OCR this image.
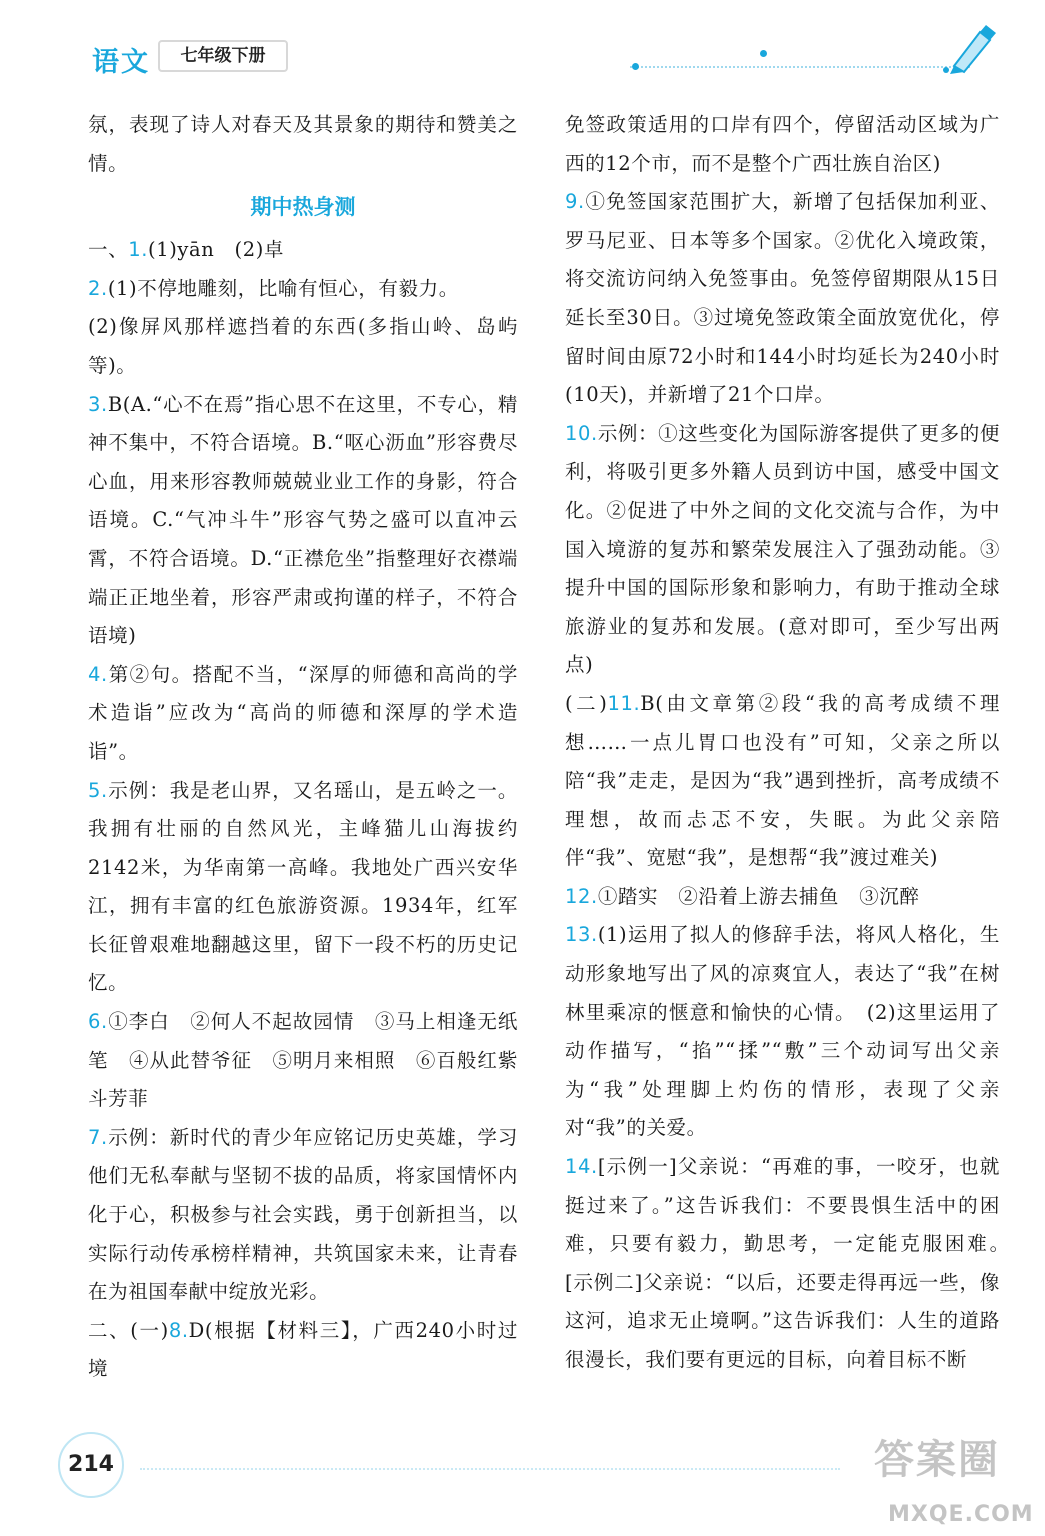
语文	七年级下册

氛，表现了诗人对春天及其景象的期待和赞美之情。

期中热身测

一、1.(1)yān　(2)卓

2.(1)不停地雕刻，比喻有恒心，有毅力。

(2)像屏风那样遮挡着的东西(多指山岭、岛屿等)。

3.B(A.“心不在焉”指心思不在这里，不专心，精神不集中，不符合语境。B.“呕心沥血”形容费尽心血，用来形容教师兢兢业业工作的身影，符合语境。C.“气冲斗牛”形容气势之盛可以直冲云霄，不符合语境。D.“正襟危坐”指整理好衣襟端端正正地坐着，形容严肃或拘谨的样子，不符合语境)

4.第②句。搭配不当，“深厚的师德和高尚的学术造诣”应改为“高尚的师德和深厚的学术造诣”。

5.示例：我是老山界，又名瑶山，是五岭之一。我拥有壮丽的自然风光，主峰猫儿山海拔约2142米，为华南第一高峰。我地处广西兴安华江，拥有丰富的红色旅游资源。1934年，红军长征曾艰难地翻越这里，留下一段不朽的历史记忆。

6.①李白　②何人不起故园情　③马上相逢无纸笔　④从此替爷征　⑤明月来相照　⑥百般红紫斗芳菲

7.示例：新时代的青少年应铭记历史英雄，学习他们无私奉献与坚韧不拔的品质，将家国情怀内化于心，积极参与社会实践，勇于创新担当，以实际行动传承榜样精神，共筑国家未来，让青春在为祖国奉献中绽放光彩。

二、(一)8.D(根据【材料三】，广西240小时过境

免签政策适用的口岸有四个，停留活动区域为广西的12个市，而不是整个广西壮族自治区)

9.①免签国家范围扩大，新增了包括保加利亚、罗马尼亚、日本等多个国家。②优化入境政策，将交流访问纳入免签事由。免签停留期限从15日延长至30日。③过境免签政策全面放宽优化，停留时间由原72小时和144小时均延长为240小时(10天)，并新增了21个口岸。

10.示例：①这些变化为国际游客提供了更多的便利，将吸引更多外籍人员到访中国，感受中国文化。②促进了中外之间的文化交流与合作，为中国入境游的复苏和繁荣发展注入了强劲动能。③提升中国的国际形象和影响力，有助于推动全球旅游业的复苏和发展。(意对即可，至少写出两点)

(二)11.B(由文章第②段“我的高考成绩不理想……一点儿胃口也没有”可知，父亲之所以陪“我”走走，是因为“我”遇到挫折，高考成绩不理想，故而忐忑不安，失眠。为此父亲陪伴“我”、宽慰“我”，是想帮“我”渡过难关)

12.①踏实　②沿着上游去捕鱼　③沉醉

13.(1)运用了拟人的修辞手法，将风人格化，生动形象地写出了风的凉爽宜人，表达了“我”在树林里乘凉的惬意和愉快的心情。　(2)这里运用了动作描写，“掐”“揉”“敷”三个动词写出父亲为“我”处理脚上灼伤的情形，表现了父亲对“我”的关爱。

14.[示例一]父亲说：“再难的事，一咬牙，也就挺过来了。”这告诉我们：不要畏惧生活中的困难，只要有毅力，勤思考，一定能克服困难。　[示例二]父亲说：“以后，还要走得再远一些，像这河，追求无止境啊。”这告诉我们：人生的道路很漫长，我们要有更远的目标，向着目标不断

214	答案圈
MXQE.COM
